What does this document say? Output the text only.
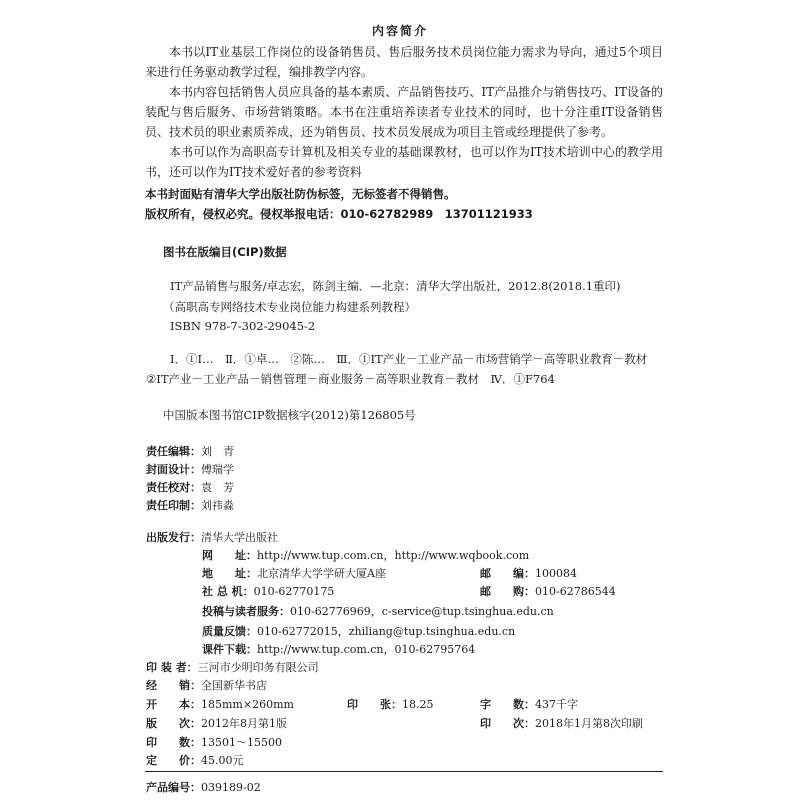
内容简介
本书以IT业基层工作岗位的设备销售员、售后服务技术员岗位能力需求为导向，通过5个项目来进行任务驱动教学过程，编排教学内容。
本书内容包括销售人员应具备的基本素质、产品销售技巧、IT产品推介与销售技巧、IT设备的装配与售后服务、市场营销策略。本书在注重培养读者专业技术的同时，也十分注重IT设备销售员、技术员的职业素质养成，还为销售员、技术员发展成为项目主管或经理提供了参考。
本书可以作为高职高专计算机及相关专业的基础课教材，也可以作为IT技术培训中心的教学用书，还可以作为IT技术爱好者的参考资料
本书封面贴有清华大学出版社防伪标签，无标签者不得销售。
版权所有，侵权必究。侵权举报电话：010-62782989　13701121933
图书在版编目(CIP)数据
IT产品销售与服务/卓志宏，陈剑主编．—北京：清华大学出版社，2012.8(2018.1重印)
（高职高专网络技术专业岗位能力构建系列教程）
ISBN 978-7-302-29045-2
Ⅰ．①I…　Ⅱ．①卓…　②陈…　Ⅲ．①IT产业－工业产品－市场营销学－高等职业教育－教材
②IT产业－工业产品－销售管理－商业服务－高等职业教育－教材　Ⅳ．①F764
中国版本图书馆CIP数据核字(2012)第126805号
责任编辑：刘　青
封面设计：傅瑞学
责任校对：袁　芳
责任印制：刘祎淼
出版发行：清华大学出版社
网　　址：http://www.tup.com.cn，http://www.wqbook.com
地　　址：北京清华大学学研大厦A座	邮　　编：100084
社 总 机：010-62770175	邮　　购：010-62786544
投稿与读者服务：010-62776969，c-service@tup.tsinghua.edu.cn
质量反馈：010-62772015，zhiliang@tup.tsinghua.edu.cn
课件下载：http://www.tup.com.cn，010-62795764
印 装 者：三河市少明印务有限公司
经　　销：全国新华书店
开　　本：185mm×260mm	印　　张：18.25	字　　数：437千字
版　　次：2012年8月第1版	印　　次：2018年1月第8次印刷
印　　数：13501～15500
定　　价：45.00元
产品编号：039189-02
